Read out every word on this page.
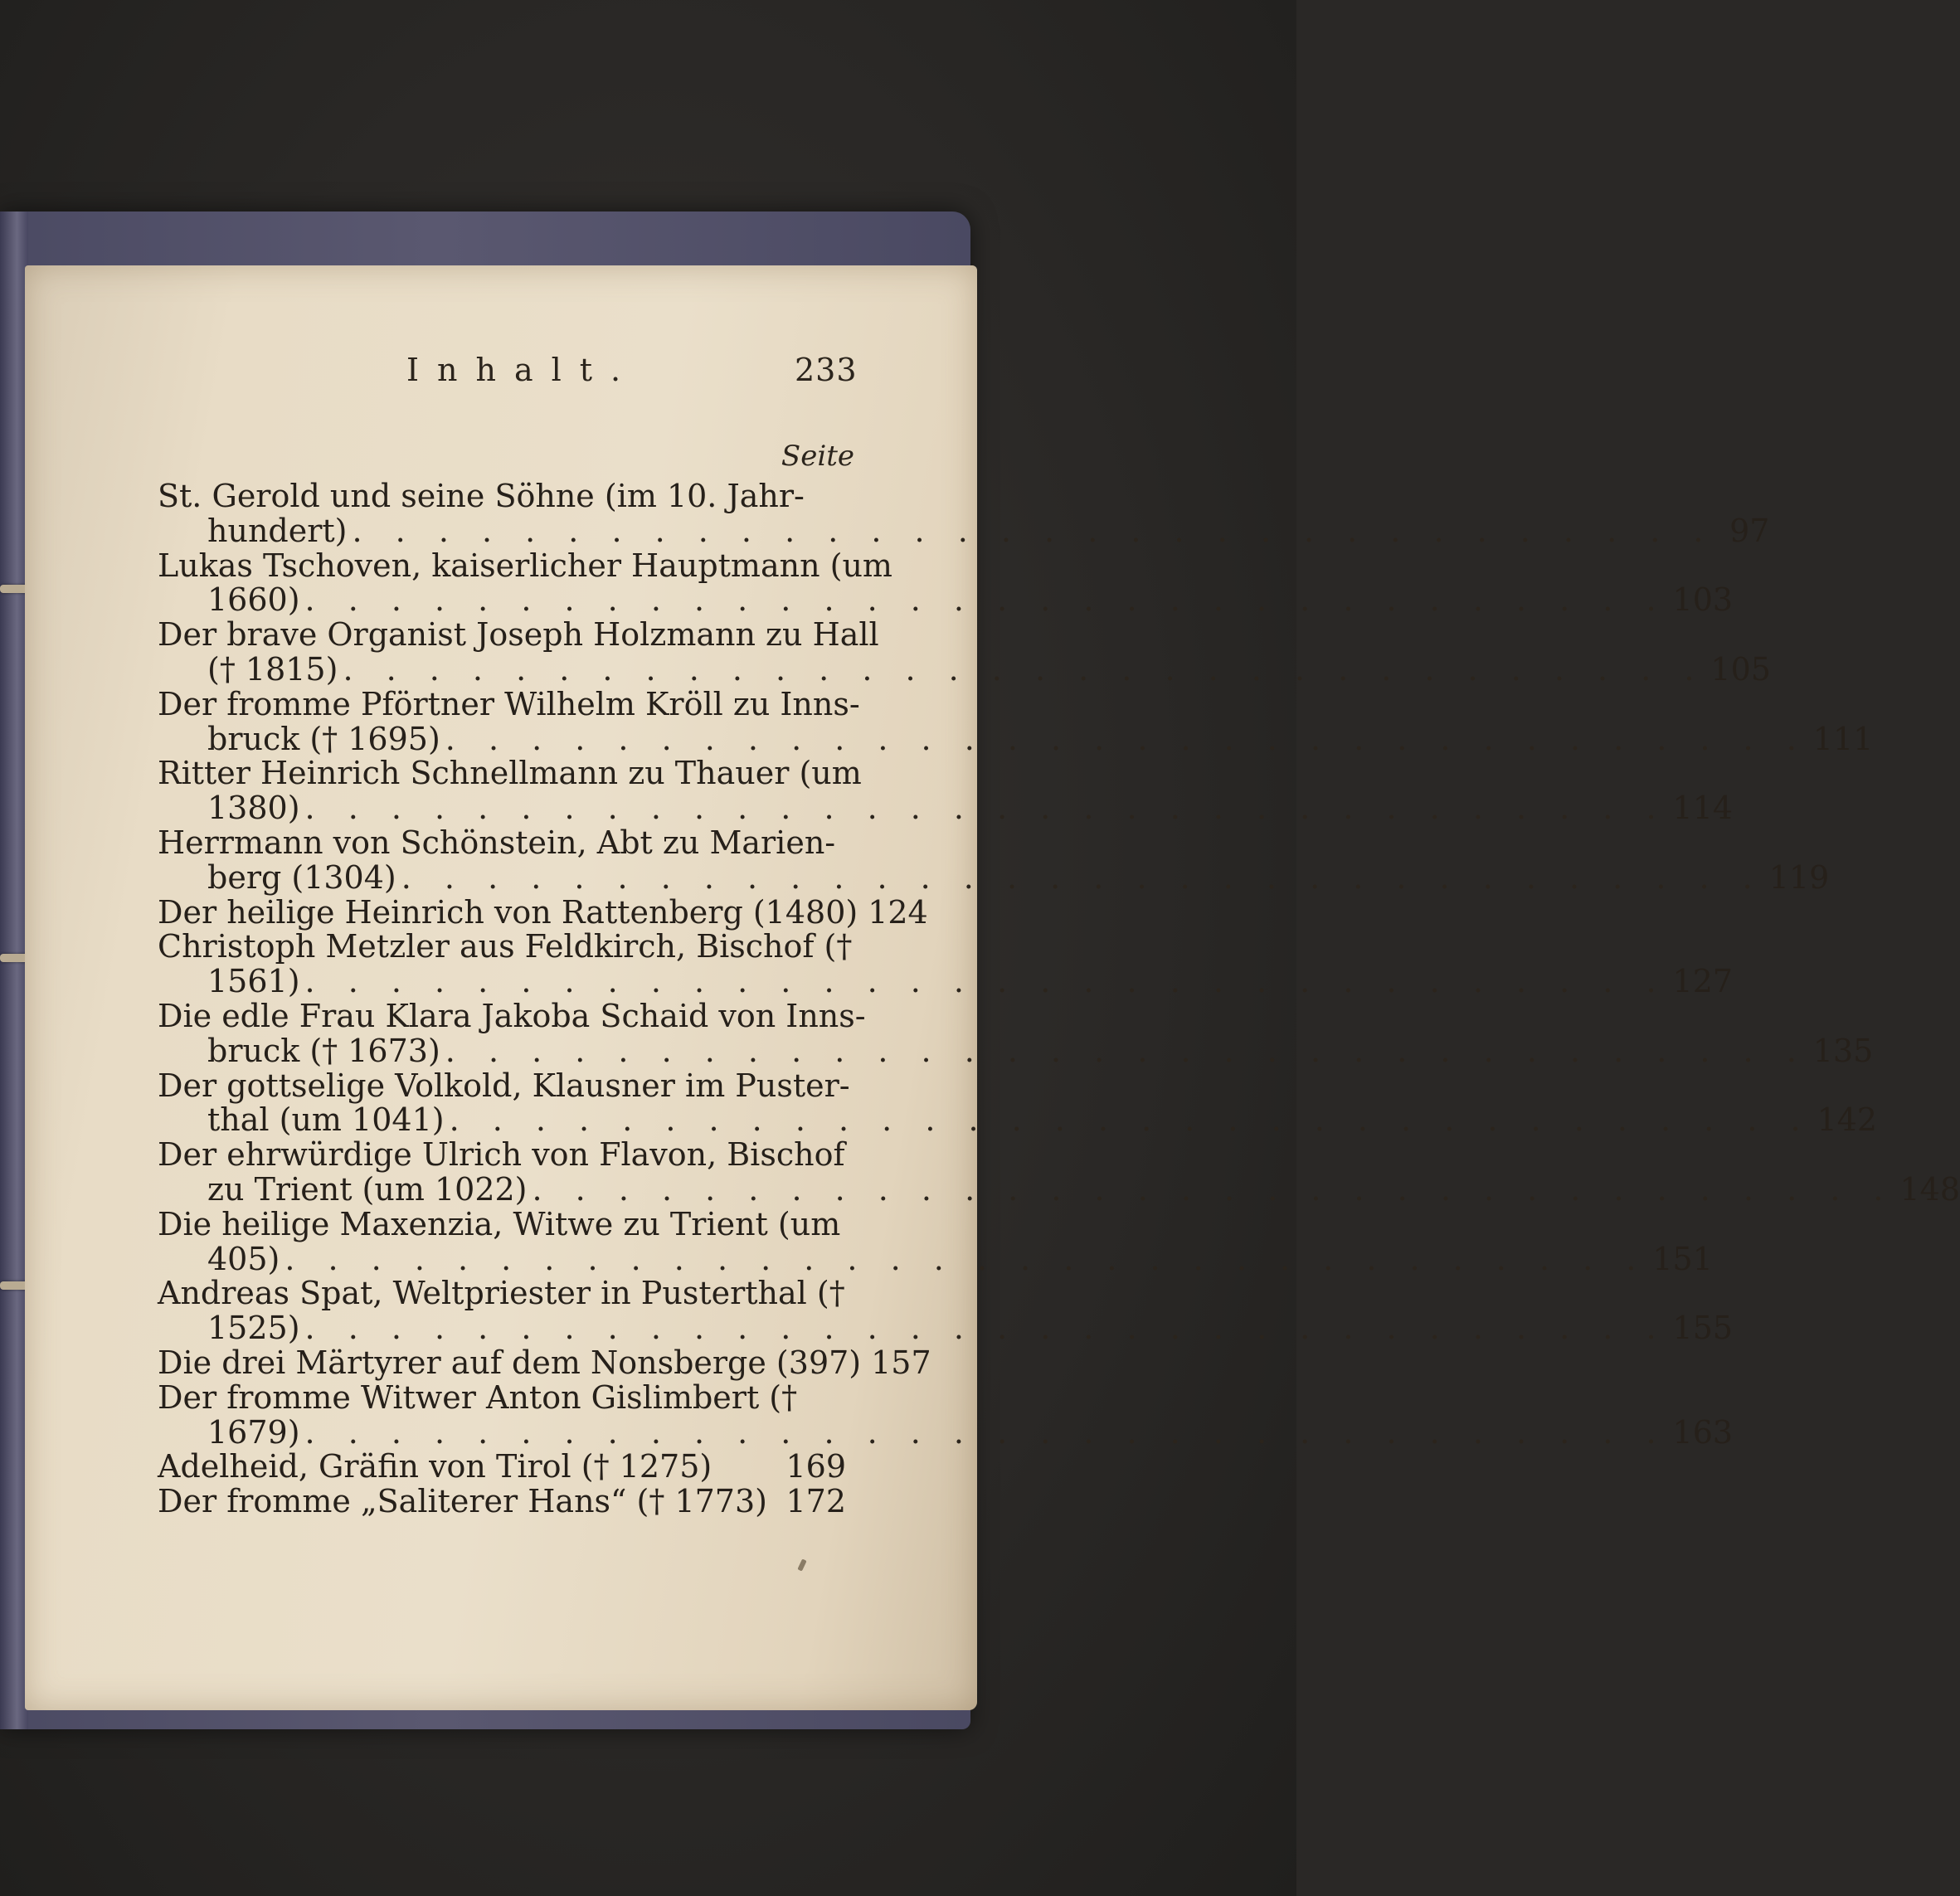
Inhalt.	233
Seite
St. Gerold und seine Söhne (im 10. Jahr-
hundert) . . . . . . . . . . . . . . . . . . . . . . . . . . . . . . . . 97
Lukas Tschoven, kaiserlicher Hauptmann (um
1660) . . . . . . . . . . . . . . . . . . . . . . . . . . . . . . . . 103
Der brave Organist Joseph Holzmann zu Hall
(† 1815) . . . . . . . . . . . . . . . . . . . . . . . . . . . . . . . . 105
Der fromme Pförtner Wilhelm Kröll zu Inns-
bruck († 1695) . . . . . . . . . . . . . . . . . . . . . . . . . . . . . . . . 111
Ritter Heinrich Schnellmann zu Thauer (um
1380) . . . . . . . . . . . . . . . . . . . . . . . . . . . . . . . . 114
Herrmann von Schönstein, Abt zu Marien-
berg (1304) . . . . . . . . . . . . . . . . . . . . . . . . . . . . . . . . 119
Der heilige Heinrich von Rattenberg (1480) 124
Christoph Metzler aus Feldkirch, Bischof (†
1561) . . . . . . . . . . . . . . . . . . . . . . . . . . . . . . . . 127
Die edle Frau Klara Jakoba Schaid von Inns-
bruck († 1673) . . . . . . . . . . . . . . . . . . . . . . . . . . . . . . . . 135
Der gottselige Volkold, Klausner im Puster-
thal (um 1041) . . . . . . . . . . . . . . . . . . . . . . . . . . . . . . . . 142
Der ehrwürdige Ulrich von Flavon, Bischof
zu Trient (um 1022) . . . . . . . . . . . . . . . . . . . . . . . . . . . . . . . . 148
Die heilige Maxenzia, Witwe zu Trient (um
405) . . . . . . . . . . . . . . . . . . . . . . . . . . . . . . . . 151
Andreas Spat, Weltpriester in Pusterthal (†
1525) . . . . . . . . . . . . . . . . . . . . . . . . . . . . . . . . 155
Die drei Märtyrer auf dem Nonsberge (397) 157
Der fromme Witwer Anton Gislimbert (†
1679) . . . . . . . . . . . . . . . . . . . . . . . . . . . . . . . . 163
Adelheid, Gräfin von Tirol († 1275) 169
Der fromme „Saliterer Hans“ († 1773) 172
